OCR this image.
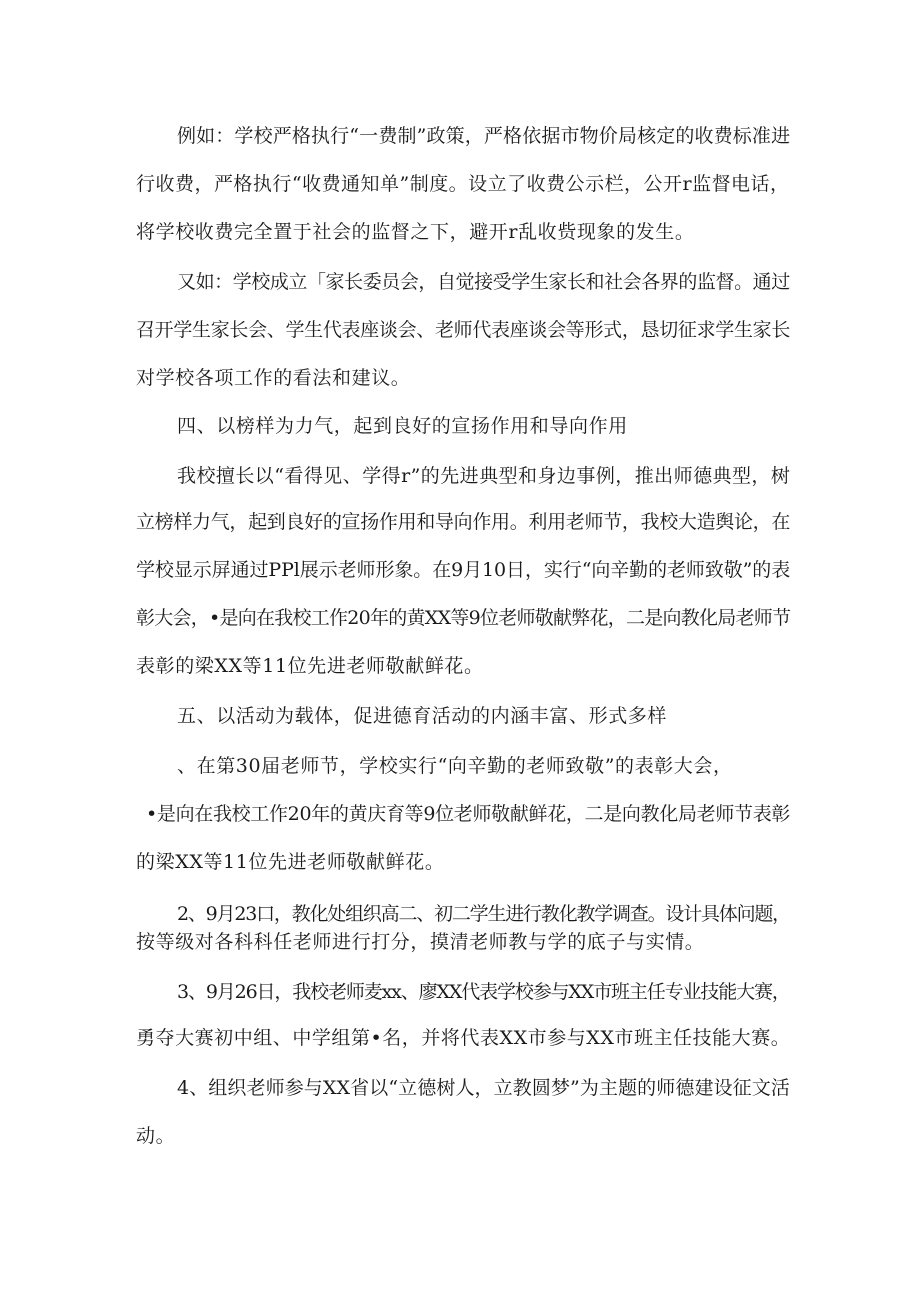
例如：学校严格执行“一费制”政策，严格依据市物价局核定的收费标准进
行收费，严格执行“收费通知单”制度。设立了收费公示栏，公开r监督电话，
将学校收费完全置于社会的监督之下，避开r乱收赀现象的发生。
又如：学校成立「家长委员会，自觉接受学生家长和社会各界的监督。通过
召开学生家长会、学生代表座谈会、老师代表座谈会等形式，恳切征求学生家长
对学校各项工作的看法和建议。
四、以榜样为力气，起到良好的宣扬作用和导向作用
我校擅长以“看得见、学得r”的先进典型和身边事例，推出师德典型，树
立榜样力气，起到良好的宣扬作用和导向作用。利用老师节，我校大造舆论，在
学校显示屏通过PPl展示老师形象。在9月10日，实行“向辛勤的老师致敬”的表
彰大会，•是向在我校工作20年的黄XX等9位老师敬献弊花，二是向教化局老师节
表彰的梁XX等11位先进老师敬献鲜花。
五、以活动为载体，促进德育活动的内涵丰富、形式多样
、在第30届老师节，学校实行“向辛勤的老师致敬”的表彰大会，
•是向在我校工作20年的黄庆育等9位老师敬献鲜花，二是向教化局老师节表彰
的梁XX等11位先进老师敬献鲜花。
2、9月23口，教化处组织高二、初二学生进行教化教学调查。设计具体问题，
按等级对各科科任老师进行打分，摸清老师教与学的底子与实情。
3、9月26日，我校老师麦xx、廖XX代表学校参与XX市班主任专业技能大赛，
勇夺大赛初中组、中学组第•名，并将代表XX市参与XX市班主任技能大赛。
4、组织老师参与XX省以“立德树人，立教圆梦”为主题的师德建设征文活
动。
